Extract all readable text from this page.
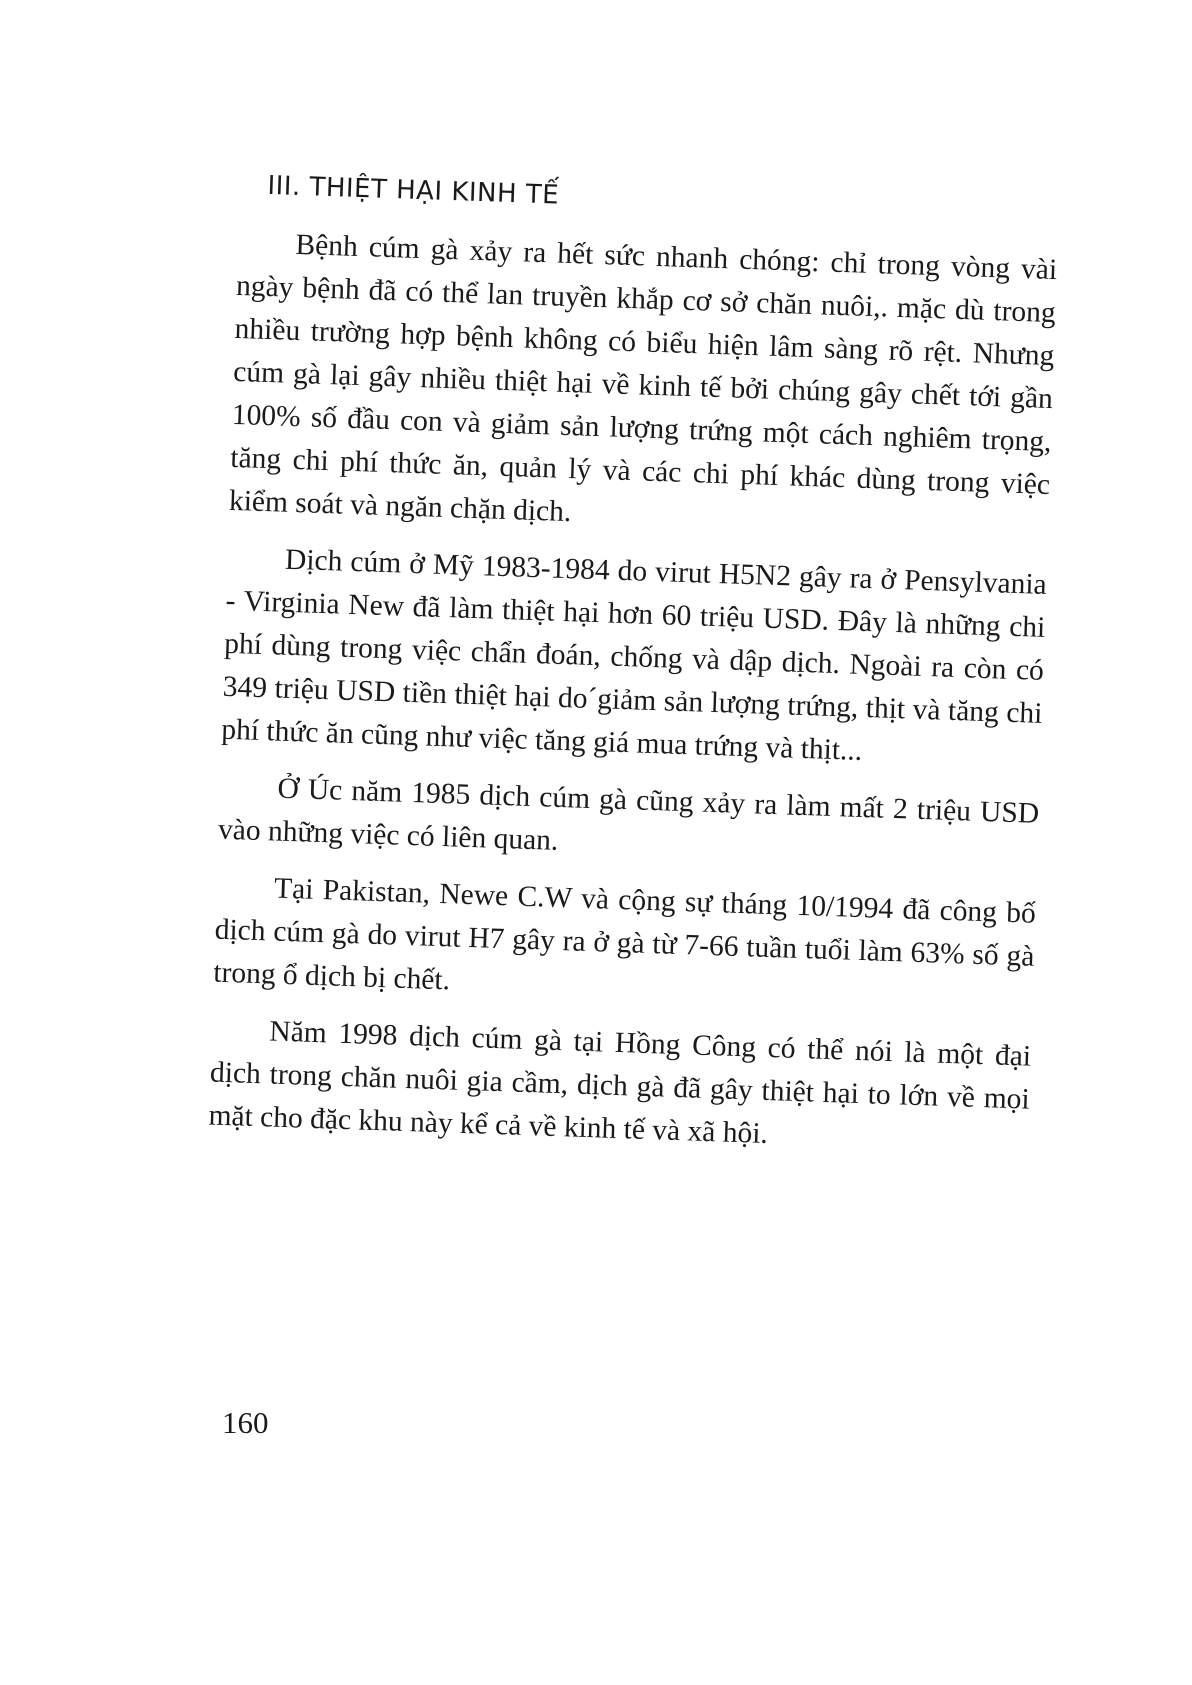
III. THIỆT HẠI KINH TẾ

Bệnh cúm gà xảy ra hết sức nhanh chóng: chỉ trong vòng vài ngày bệnh đã có thể lan truyền khắp cơ sở chăn nuôi,. mặc dù trong nhiều trường hợp bệnh không có biểu hiện lâm sàng rõ rệt. Nhưng cúm gà lại gây nhiều thiệt hại về kinh tế bởi chúng gây chết tới gần 100% số đầu con và giảm sản lượng trứng một cách nghiêm trọng, tăng chi phí thức ăn, quản lý và các chi phí khác dùng trong việc kiểm soát và ngăn chặn dịch.

Dịch cúm ở Mỹ 1983-1984 do virut H5N2 gây ra ở Pensylvania - Virginia New đã làm thiệt hại hơn 60 triệu USD. Đây là những chi phí dùng trong việc chẩn đoán, chống và dập dịch. Ngoài ra còn có 349 triệu USD tiền thiệt hại do´giảm sản lượng trứng, thịt và tăng chi phí thức ăn cũng như việc tăng giá mua trứng và thịt...

Ở Úc năm 1985 dịch cúm gà cũng xảy ra làm mất 2 triệu USD vào những việc có liên quan.

Tại Pakistan, Newe C.W và cộng sự tháng 10/1994 đã công bố dịch cúm gà do virut H7 gây ra ở gà từ 7-66 tuần tuổi làm 63% số gà trong ổ dịch bị chết.

Năm 1998 dịch cúm gà tại Hồng Công có thể nói là một đại dịch trong chăn nuôi gia cầm, dịch gà đã gây thiệt hại to lớn về mọi mặt cho đặc khu này kể cả về kinh tế và xã hội.

160
